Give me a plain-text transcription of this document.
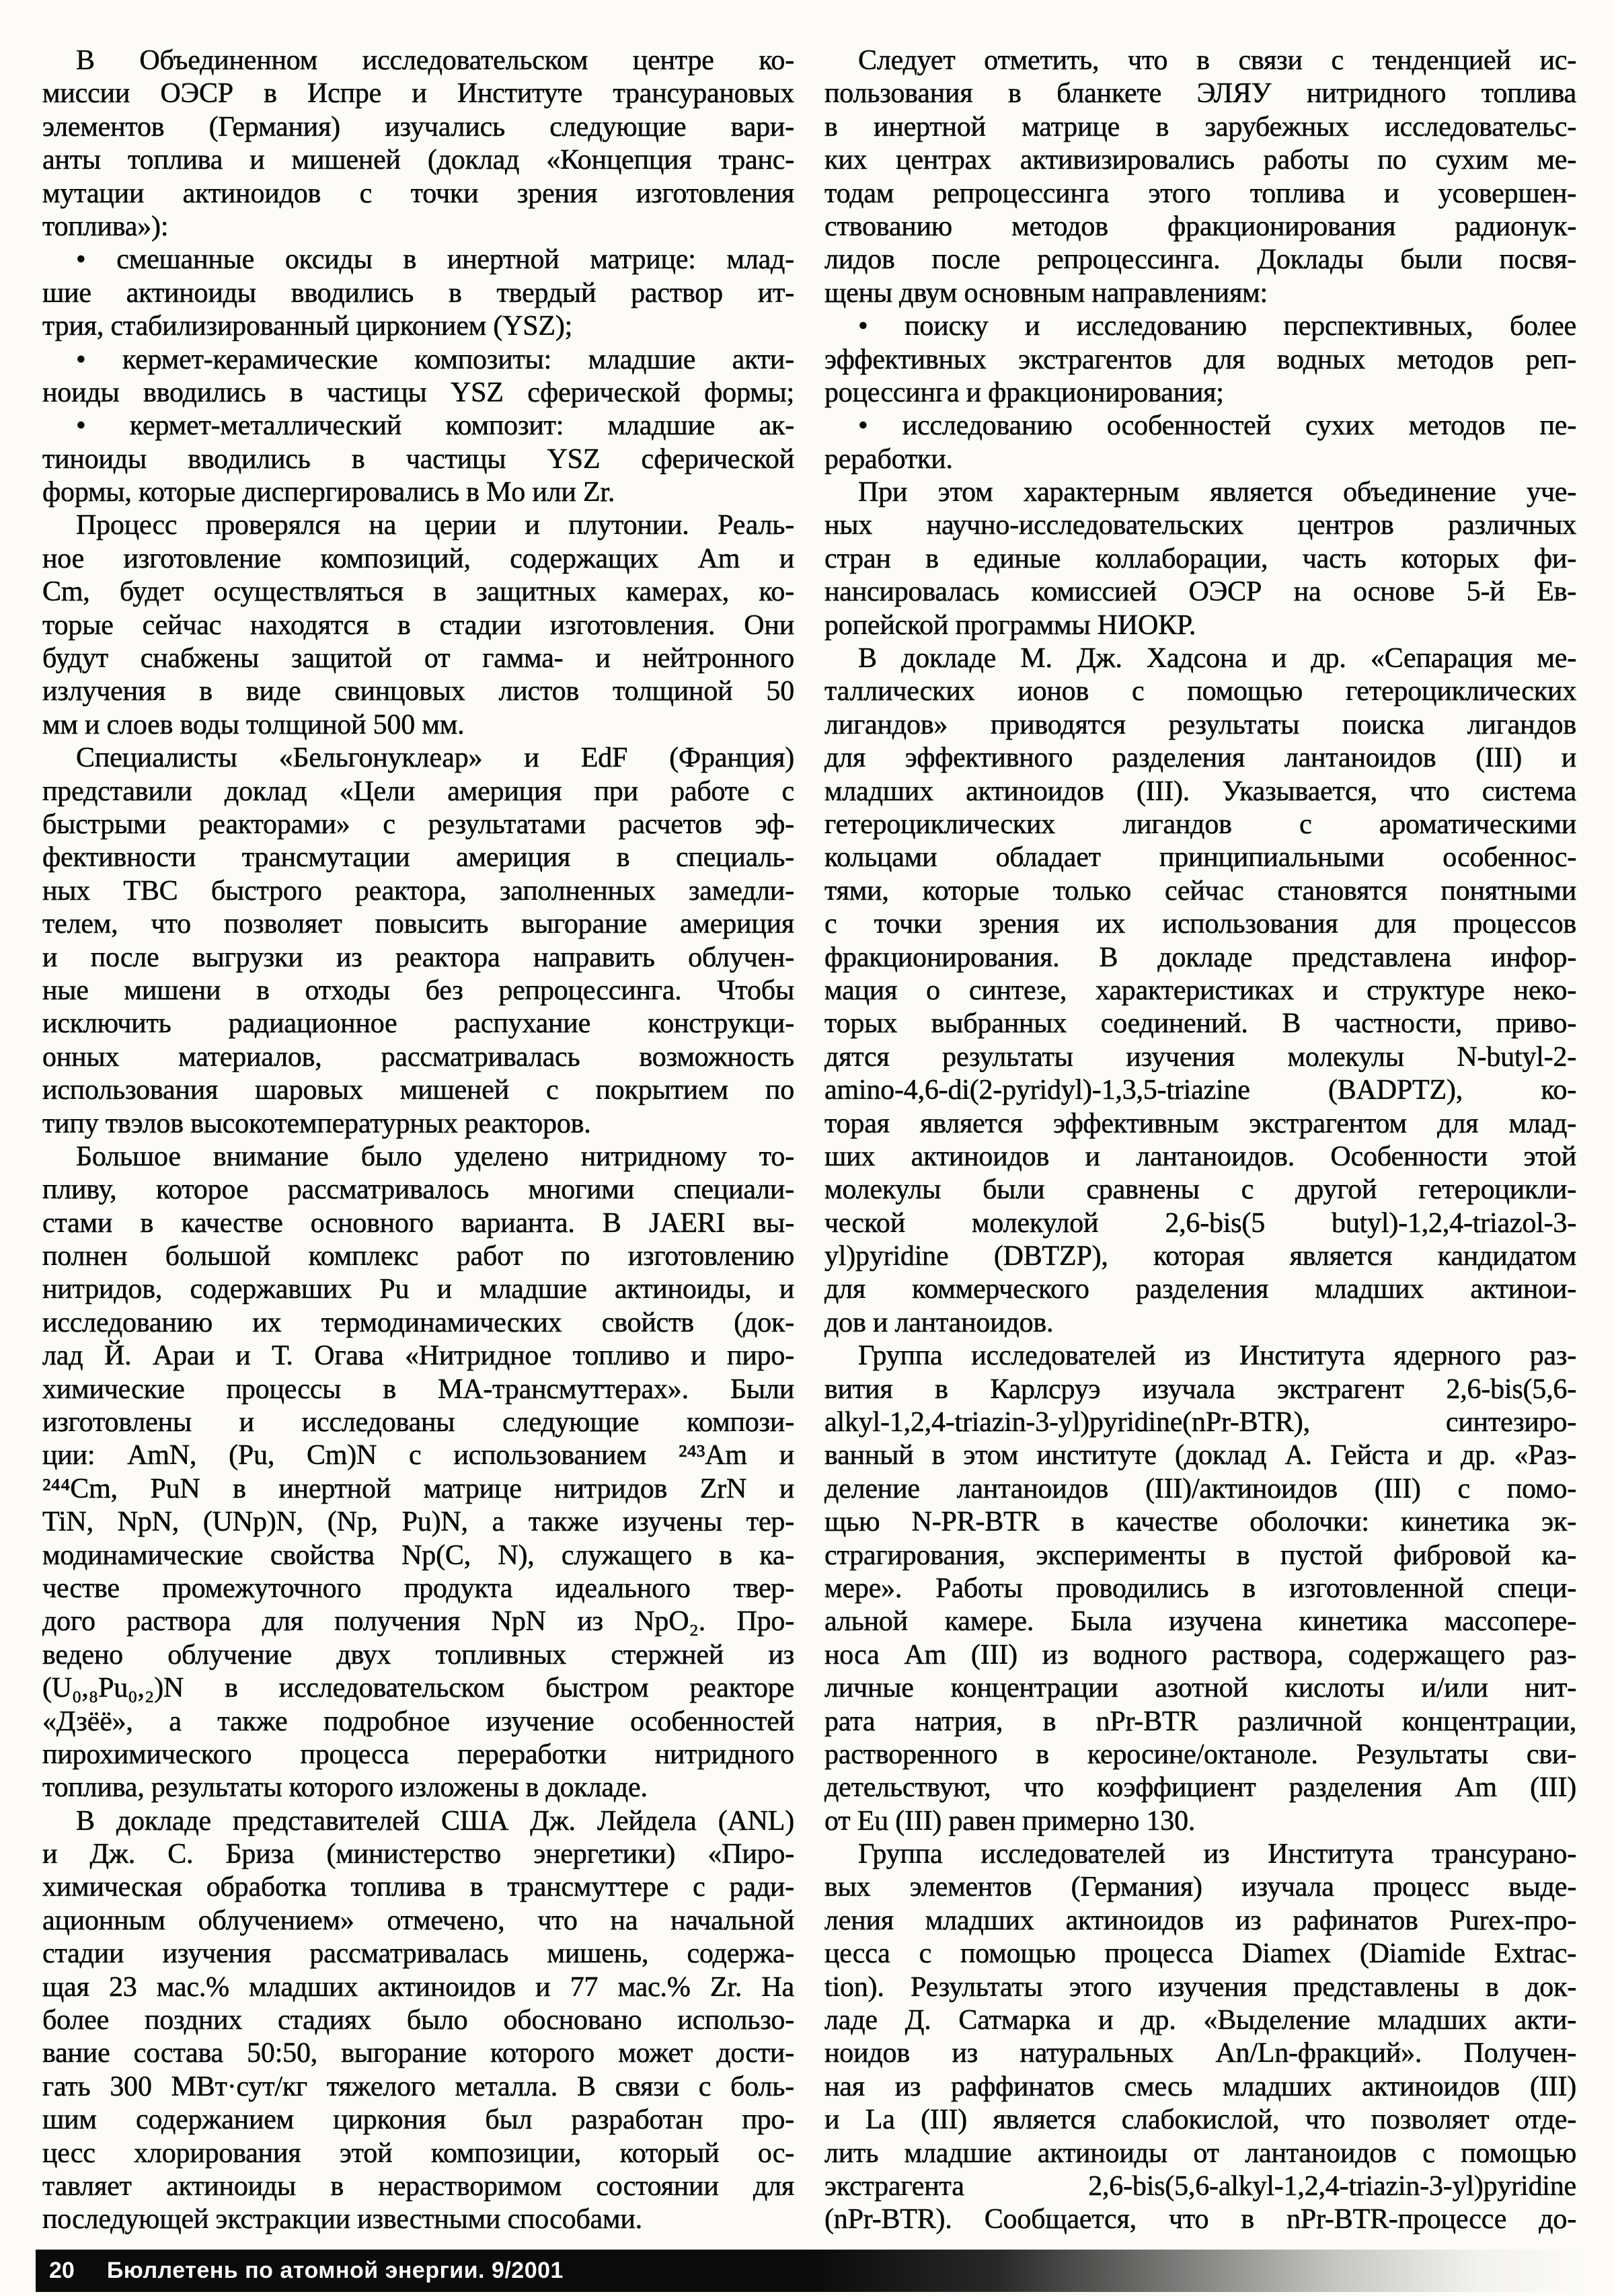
В Объединенном исследовательском центре ко-
миссии ОЭСР в Испре и Институте трансурановых
элементов (Германия) изучались следующие вари-
анты топлива и мишеней (доклад «Концепция транс-
мутации актиноидов с точки зрения изготовления
топлива»):
• смешанные оксиды в инертной матрице: млад-
шие актиноиды вводились в твердый раствор ит-
трия, стабилизированный цирконием (YSZ);
• кермет-керамические композиты: младшие акти-
ноиды вводились в частицы YSZ сферической формы;
• кермет-металлический композит: младшие ак-
тиноиды вводились в частицы YSZ сферической
формы, которые диспергировались в Mo или Zr.
Процесс проверялся на церии и плутонии. Реаль-
ное изготовление композиций, содержащих Am и
Cm, будет осуществляться в защитных камерах, ко-
торые сейчас находятся в стадии изготовления. Они
будут снабжены защитой от гамма- и нейтронного
излучения в виде свинцовых листов толщиной 50
мм и слоев воды толщиной 500 мм.
Специалисты «Бельгонуклеар» и EdF (Франция)
представили доклад «Цели америция при работе с
быстрыми реакторами» с результатами расчетов эф-
фективности трансмутации америция в специаль-
ных ТВС быстрого реактора, заполненных замедли-
телем, что позволяет повысить выгорание америция
и после выгрузки из реактора направить облучен-
ные мишени в отходы без репроцессинга. Чтобы
исключить радиационное распухание конструкци-
онных материалов, рассматривалась возможность
использования шаровых мишеней с покрытием по
типу твэлов высокотемпературных реакторов.
Большое внимание было уделено нитридному то-
пливу, которое рассматривалось многими специали-
стами в качестве основного варианта. В JAERI вы-
полнен большой комплекс работ по изготовлению
нитридов, содержавших Pu и младшие актиноиды, и
исследованию их термодинамических свойств (док-
лад Й. Араи и Т. Огава «Нитридное топливо и пиро-
химические процессы в МА-трансмуттерах». Были
изготовлены и исследованы следующие компози-
ции: AmN, (Pu, Cm)N с использованием ²⁴³Am и
²⁴⁴Cm, PuN в инертной матрице нитридов ZrN и
TiN, NpN, (UNp)N, (Np, Pu)N, а также изучены тер-
модинамические свойства Np(C, N), служащего в ка-
честве промежуточного продукта идеального твер-
дого раствора для получения NpN из NpO₂. Про-
ведено облучение двух топливных стержней из
(U₀,₈Pu₀,₂)N в исследовательском быстром реакторе
«Дзёё», а также подробное изучение особенностей
пирохимического процесса переработки нитридного
топлива, результаты которого изложены в докладе.
В докладе представителей США Дж. Лейдела (ANL)
и Дж. С. Бриза (министерство энергетики) «Пиро-
химическая обработка топлива в трансмуттере с ради-
ационным облучением» отмечено, что на начальной
стадии изучения рассматривалась мишень, содержа-
щая 23 мас.% младших актиноидов и 77 мас.% Zr. На
более поздних стадиях было обосновано использо-
вание состава 50:50, выгорание которого может дости-
гать 300 МВт·сут/кг тяжелого металла. В связи с боль-
шим содержанием циркония был разработан про-
цесс хлорирования этой композиции, который ос-
тавляет актиноиды в нерастворимом состоянии для
последующей экстракции известными способами.
Следует отметить, что в связи с тенденцией ис-
пользования в бланкете ЭЛЯУ нитридного топлива
в инертной матрице в зарубежных исследовательс-
ких центрах активизировались работы по сухим ме-
тодам репроцессинга этого топлива и усовершен-
ствованию методов фракционирования радионук-
лидов после репроцессинга. Доклады были посвя-
щены двум основным направлениям:
• поиску и исследованию перспективных, более
эффективных экстрагентов для водных методов реп-
роцессинга и фракционирования;
• исследованию особенностей сухих методов пе-
реработки.
При этом характерным является объединение уче-
ных научно-исследовательских центров различных
стран в единые коллаборации, часть которых фи-
нансировалась комиссией ОЭСР на основе 5-й Ев-
ропейской программы НИОКР.
В докладе М. Дж. Хадсона и др. «Сепарация ме-
таллических ионов с помощью гетероциклических
лигандов» приводятся результаты поиска лигандов
для эффективного разделения лантаноидов (III) и
младших актиноидов (III). Указывается, что система
гетероциклических лигандов с ароматическими
кольцами обладает принципиальными особеннос-
тями, которые только сейчас становятся понятными
с точки зрения их использования для процессов
фракционирования. В докладе представлена инфор-
мация о синтезе, характеристиках и структуре неко-
торых выбранных соединений. В частности, приво-
дятся результаты изучения молекулы N-butyl-2-
amino-4,6-di(2-pyridyl)-1,3,5-triazine (BADPTZ), ко-
торая является эффективным экстрагентом для млад-
ших актиноидов и лантаноидов. Особенности этой
молекулы были сравнены с другой гетероцикли-
ческой молекулой 2,6-bis(5 butyl)-1,2,4-triazol-3-
yl)pyridine (DBTZP), которая является кандидатом
для коммерческого разделения младших актинои-
дов и лантаноидов.
Группа исследователей из Института ядерного раз-
вития в Карлсруэ изучала экстрагент 2,6-bis(5,6-
alkyl-1,2,4-triazin-3-yl)pyridine(nPr-BTR), синтезиро-
ванный в этом институте (доклад А. Гейста и др. «Раз-
деление лантаноидов (III)/актиноидов (III) с помо-
щью N-PR-BTR в качестве оболочки: кинетика эк-
страгирования, эксперименты в пустой фибровой ка-
мере». Работы проводились в изготовленной специ-
альной камере. Была изучена кинетика массопере-
носа Am (III) из водного раствора, содержащего раз-
личные концентрации азотной кислоты и/или нит-
рата натрия, в nPr-BTR различной концентрации,
растворенного в керосине/октаноле. Результаты сви-
детельствуют, что коэффициент разделения Am (III)
от Eu (III) равен примерно 130.
Группа исследователей из Института трансурано-
вых элементов (Германия) изучала процесс выде-
ления младших актиноидов из рафинатов Purex-про-
цесса с помощью процесса Diamex (Diamide Extrac-
tion). Результаты этого изучения представлены в док-
ладе Д. Сатмарка и др. «Выделение младших акти-
ноидов из натуральных An/Ln-фракций». Получен-
ная из раффинатов смесь младших актиноидов (III)
и La (III) является слабокислой, что позволяет отде-
лить младшие актиноиды от лантаноидов с помощью
экстрагента 2,6-bis(5,6-alkyl-1,2,4-triazin-3-yl)pyridine
(nPr-BTR). Сообщается, что в nPr-BTR-процессе до-
20 Бюллетень по атомной энергии. 9/2001
